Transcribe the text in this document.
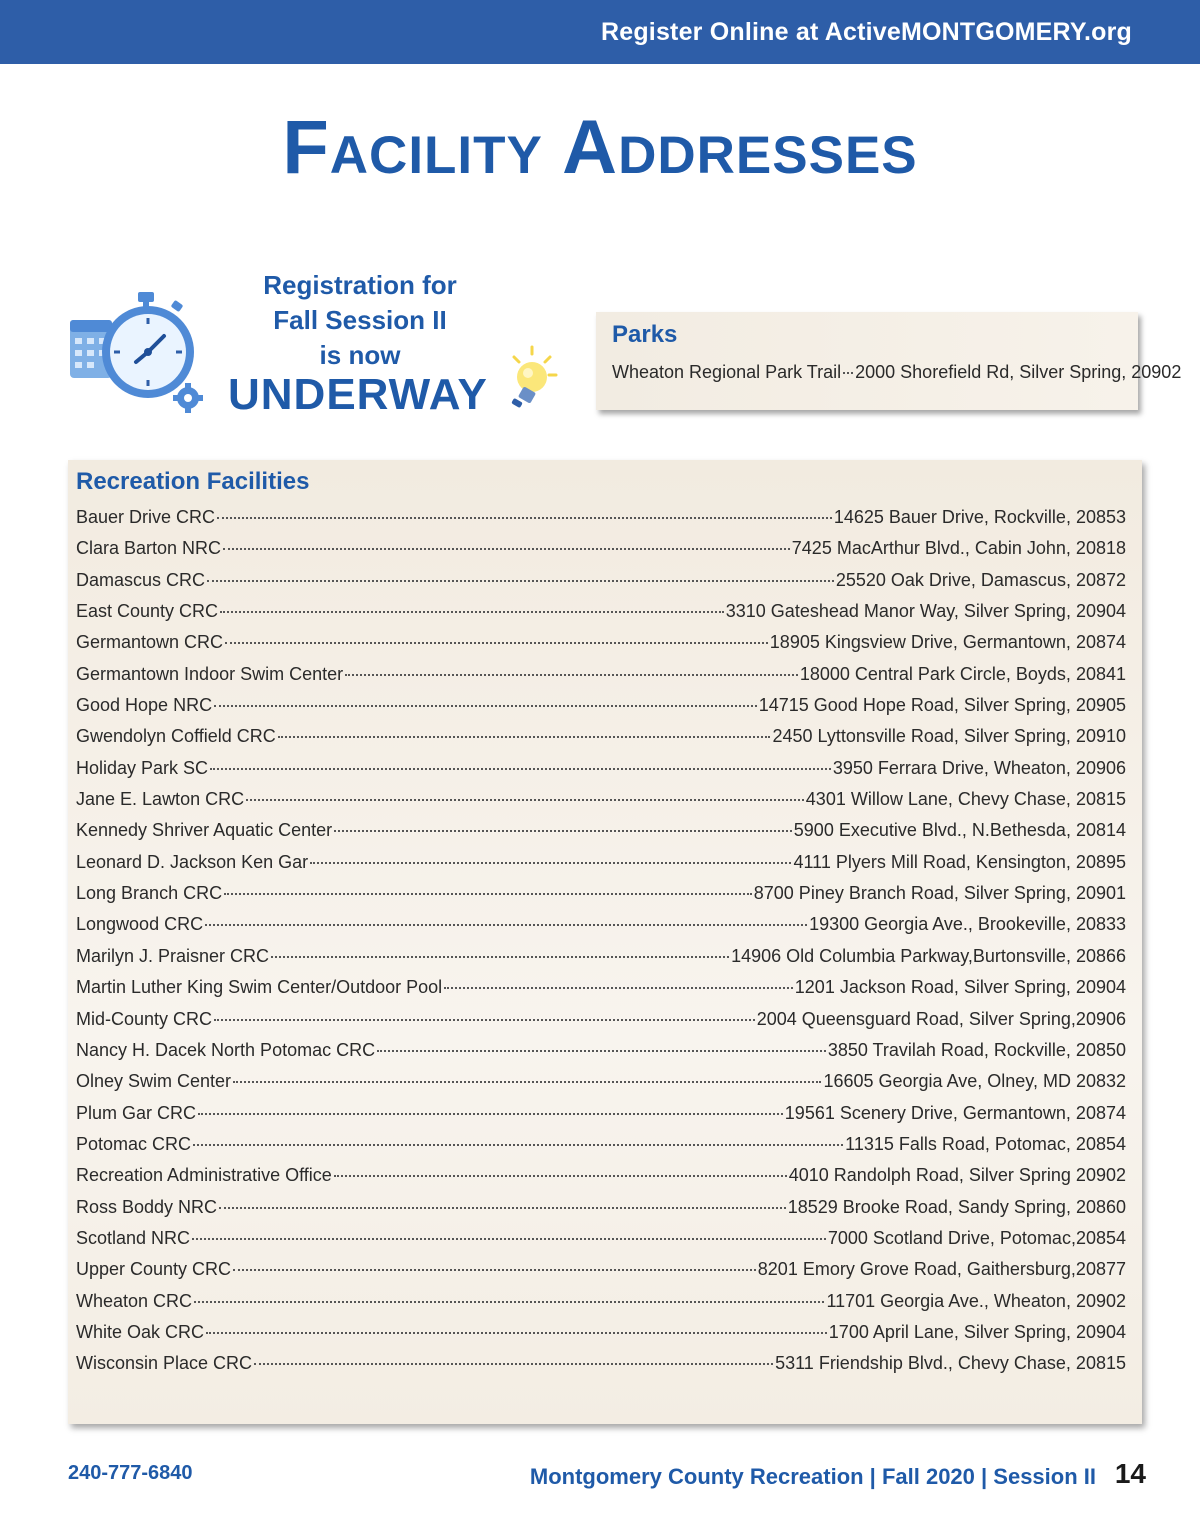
Register Online at ActiveMONTGOMERY.org
Facility Addresses
Registration for
Fall Session II
is now
UNDERWAY
Parks
Wheaton Regional Park Trail 2000 Shorefield Rd, Silver Spring, 20902
Recreation Facilities
Bauer Drive CRC	14625 Bauer Drive, Rockville, 20853
Clara Barton NRC	7425 MacArthur Blvd., Cabin John, 20818
Damascus CRC	25520 Oak Drive, Damascus, 20872
East County CRC	3310 Gateshead Manor Way, Silver Spring, 20904
Germantown CRC	18905 Kingsview Drive, Germantown, 20874
Germantown Indoor Swim Center	18000 Central Park Circle, Boyds, 20841
Good Hope NRC	14715 Good Hope Road, Silver Spring, 20905
Gwendolyn Coffield CRC	2450 Lyttonsville Road, Silver Spring, 20910
Holiday Park SC	3950 Ferrara Drive, Wheaton, 20906
Jane E. Lawton CRC	4301 Willow Lane, Chevy Chase, 20815
Kennedy Shriver Aquatic Center	5900 Executive Blvd., N.Bethesda, 20814
Leonard D. Jackson Ken Gar	4111 Plyers Mill Road, Kensington, 20895
Long Branch CRC	8700 Piney Branch Road, Silver Spring, 20901
Longwood CRC	19300 Georgia Ave., Brookeville, 20833
Marilyn J. Praisner CRC	14906 Old Columbia Parkway,Burtonsville, 20866
Martin Luther King Swim Center/Outdoor Pool	1201 Jackson Road, Silver Spring, 20904
Mid-County CRC	2004 Queensguard Road, Silver Spring,20906
Nancy H. Dacek North Potomac CRC	3850 Travilah Road, Rockville, 20850
Olney Swim Center	16605 Georgia Ave, Olney, MD 20832
Plum Gar CRC	19561 Scenery Drive, Germantown, 20874
Potomac CRC	11315 Falls Road, Potomac, 20854
Recreation Administrative Office	4010 Randolph Road, Silver Spring 20902
Ross Boddy NRC	18529 Brooke Road, Sandy Spring, 20860
Scotland NRC	7000 Scotland Drive, Potomac,20854
Upper County CRC	8201 Emory Grove Road, Gaithersburg,20877
Wheaton CRC	11701 Georgia Ave., Wheaton, 20902
White Oak CRC	1700 April Lane, Silver Spring, 20904
Wisconsin Place CRC	5311 Friendship Blvd., Chevy Chase, 20815
240-777-6840	Montgomery County Recreation | Fall 2020 | Session II 14
